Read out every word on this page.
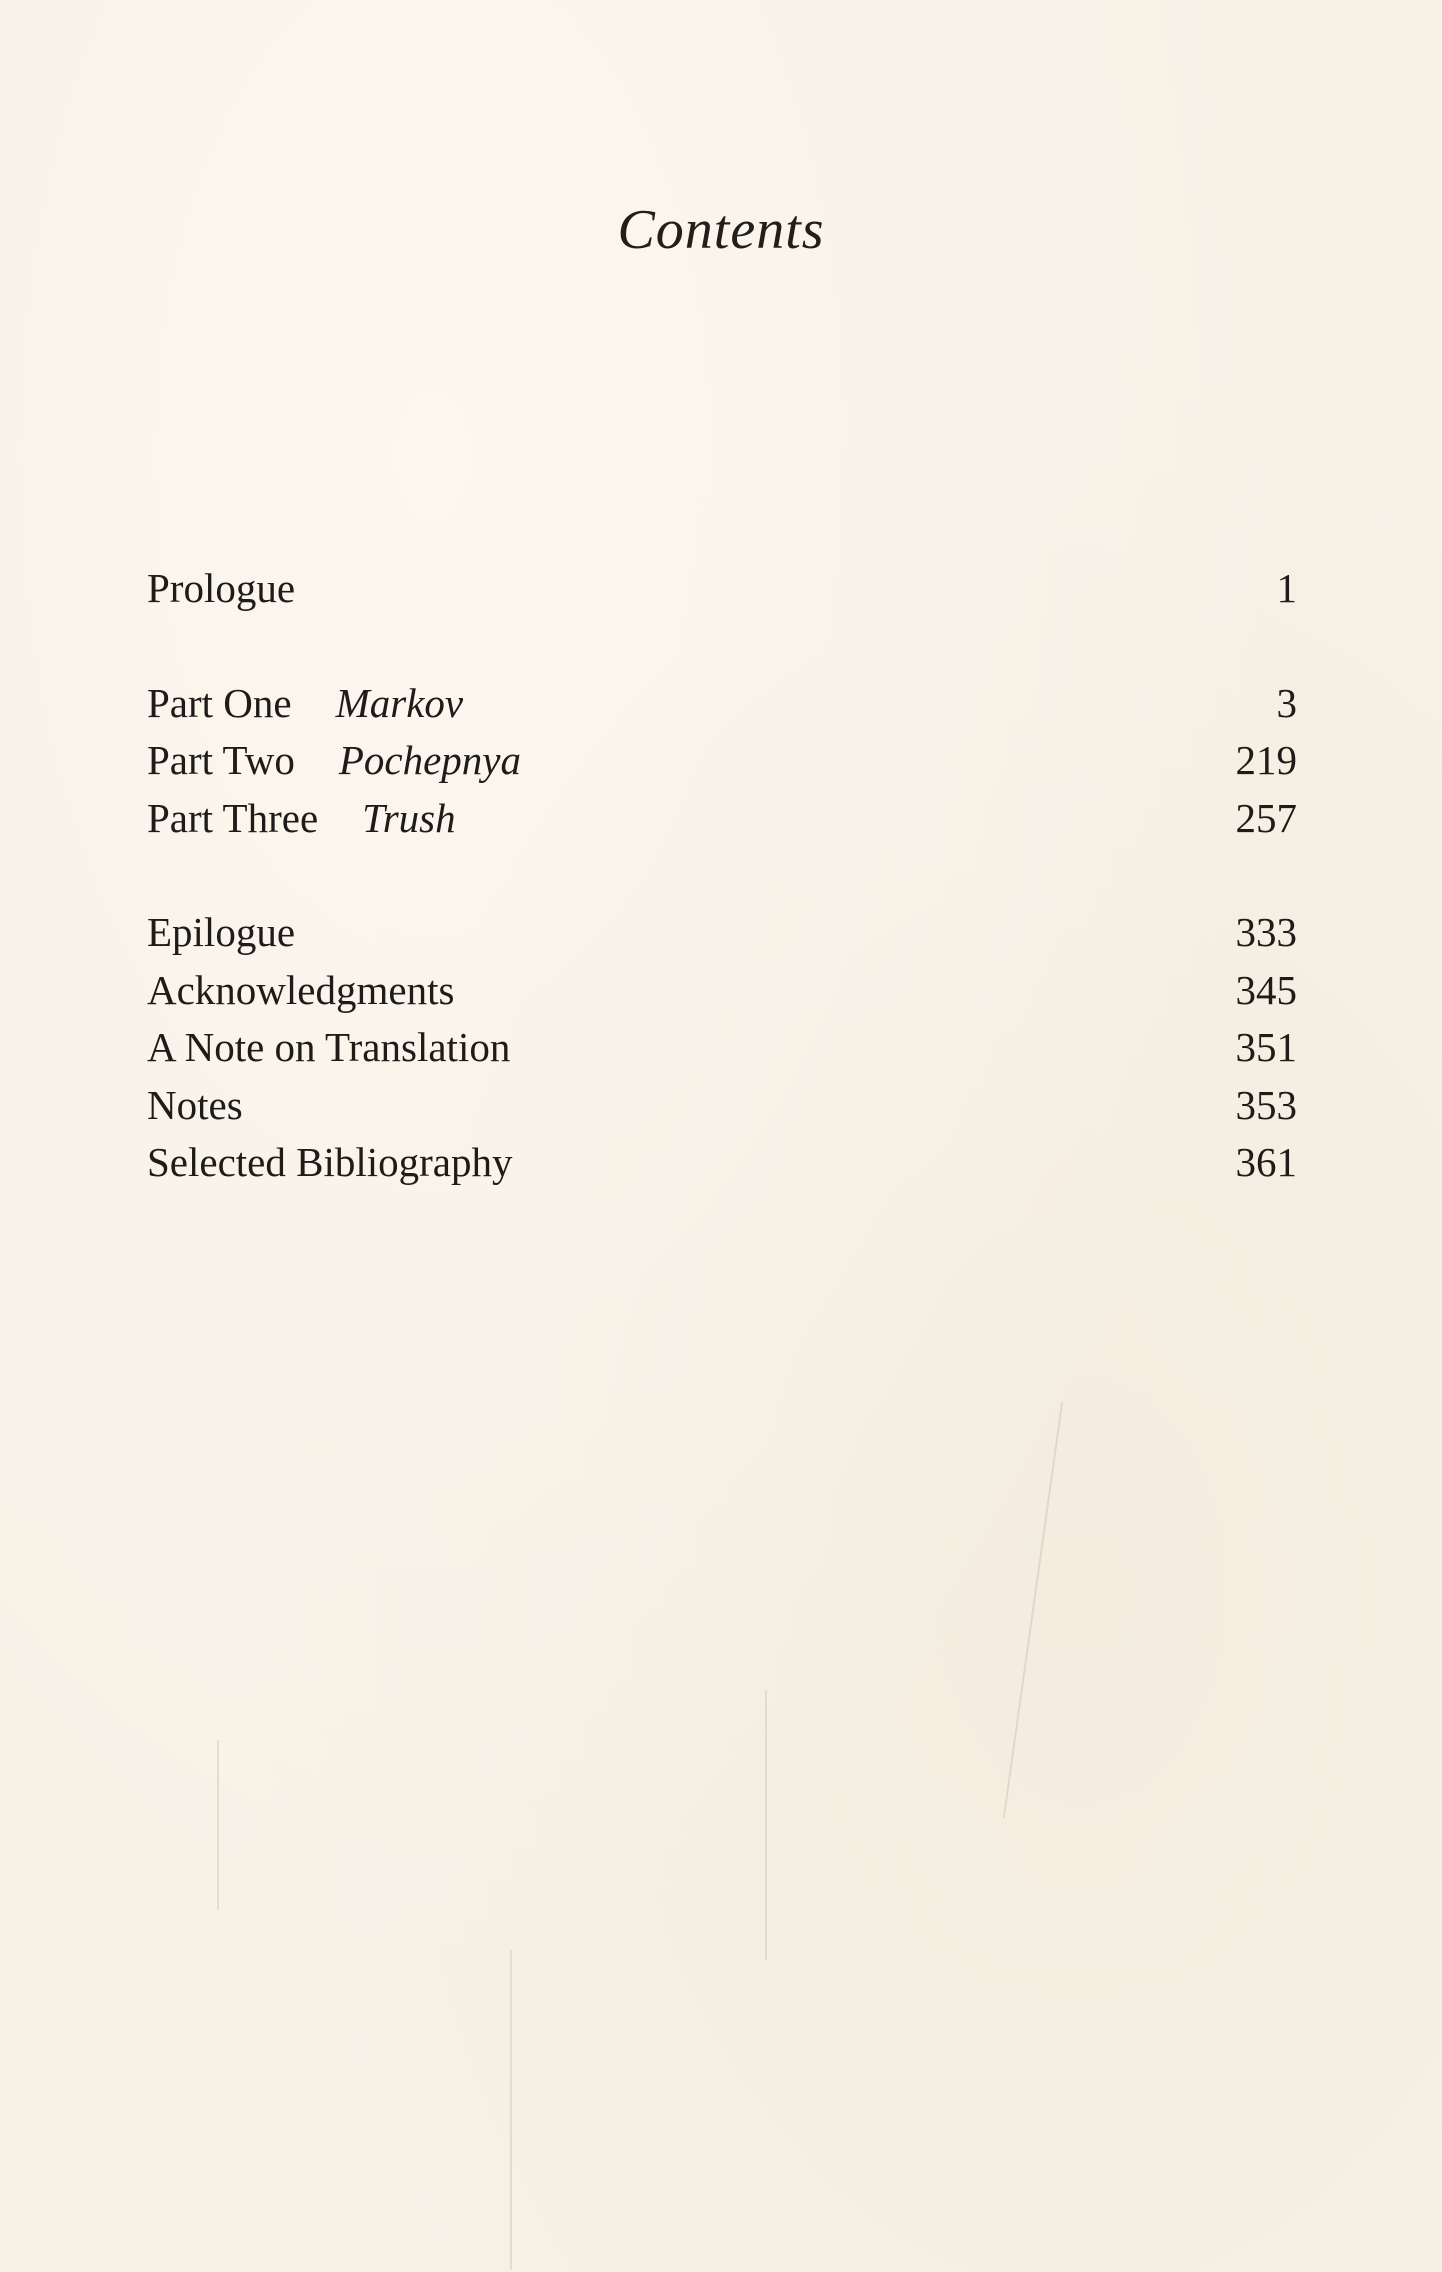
Contents
Prologue	1
Part One Markov	3
Part Two Pochepnya	219
Part Three Trush	257
Epilogue	333
Acknowledgments	345
A Note on Translation	351
Notes	353
Selected Bibliography	361
